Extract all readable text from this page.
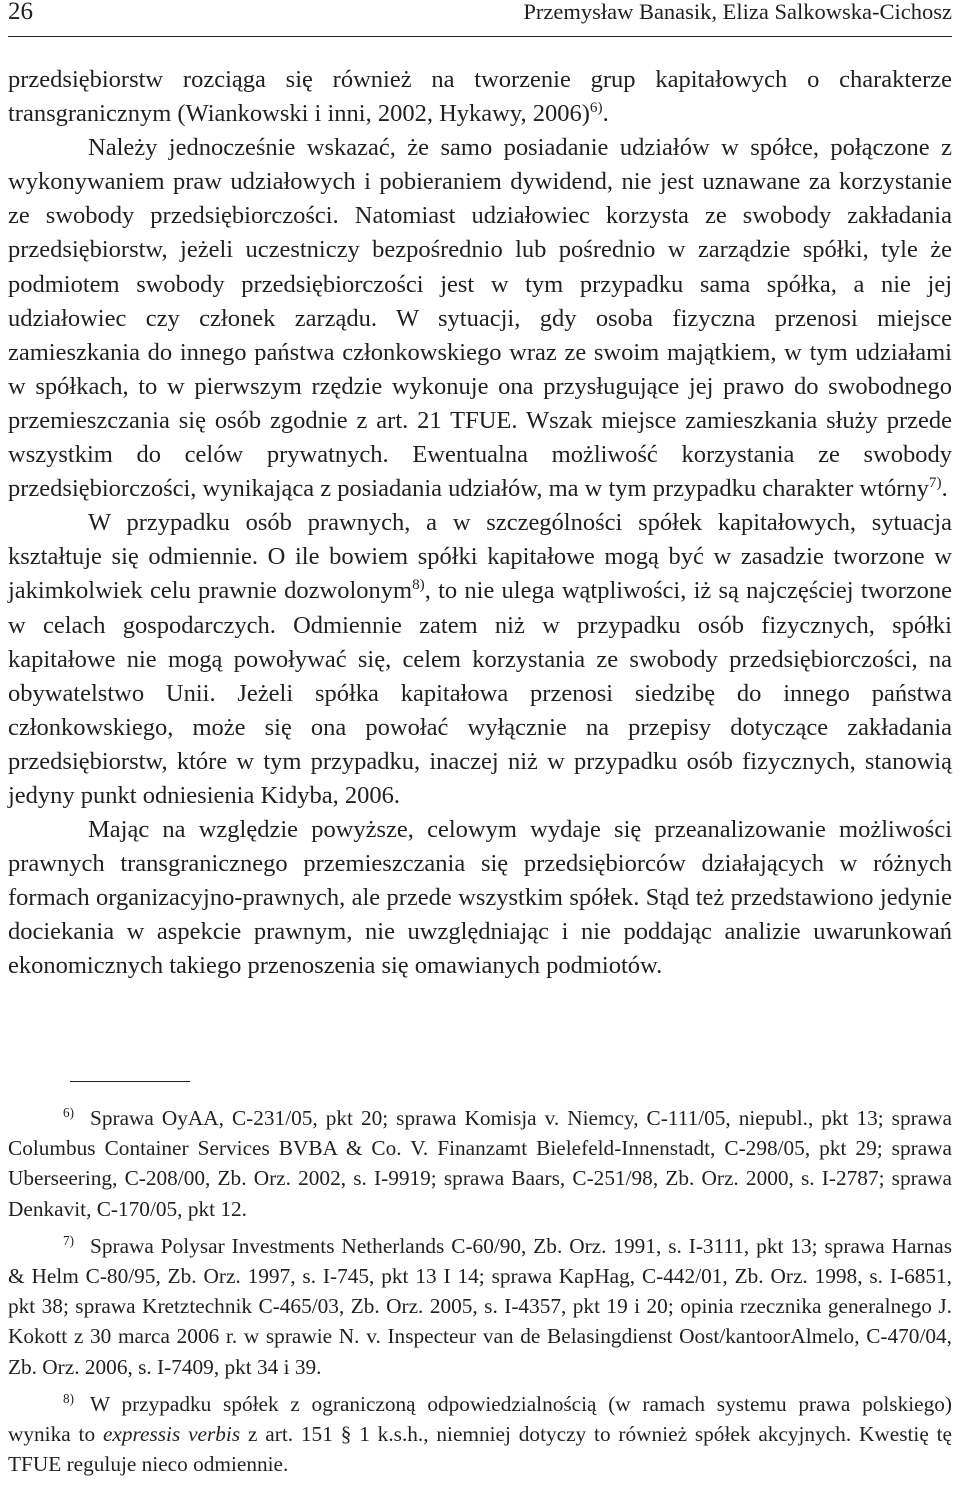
26	Przemysław Banasik, Eliza Salkowska-Cichosz

przedsiębiorstw rozciąga się również na tworzenie grup kapitałowych o charakterze transgranicznym (Wiankowski i inni, 2002, Hykawy, 2006)$^{6)}$.

Należy jednocześnie wskazać, że samo posiadanie udziałów w spółce, połączone z wykonywaniem praw udziałowych i pobieraniem dywidend, nie jest uznawane za korzystanie ze swobody przedsiębiorczości. Natomiast udziałowiec korzysta ze swobody zakładania przedsiębiorstw, jeżeli uczestniczy bezpośrednio lub pośrednio w zarządzie spółki, tyle że podmiotem swobody przedsiębiorczości jest w tym przypadku sama spółka, a nie jej udziałowiec czy członek zarządu. W sytuacji, gdy osoba fizyczna przenosi miejsce zamieszkania do innego państwa członkowskiego wraz ze swoim majątkiem, w tym udziałami w spółkach, to w pierwszym rzędzie wykonuje ona przysługujące jej prawo do swobodnego przemieszczania się osób zgodnie z art. 21 TFUE. Wszak miejsce zamieszkania służy przede wszystkim do celów prywatnych. Ewentualna możliwość korzystania ze swobody przedsiębiorczości, wynikająca z posiadania udziałów, ma w tym przypadku charakter wtórny$^{7)}$.

W przypadku osób prawnych, a w szczególności spółek kapitałowych, sytuacja kształtuje się odmiennie. O ile bowiem spółki kapitałowe mogą być w zasadzie tworzone w jakimkolwiek celu prawnie dozwolonym$^{8)}$, to nie ulega wątpliwości, iż są najczęściej tworzone w celach gospodarczych. Odmiennie zatem niż w przypadku osób fizycznych, spółki kapitałowe nie mogą powoływać się, celem korzystania ze swobody przedsiębiorczości, na obywatelstwo Unii. Jeżeli spółka kapitałowa przenosi siedzibę do innego państwa członkowskiego, może się ona powołać wyłącznie na przepisy dotyczące zakładania przedsiębiorstw, które w tym przypadku, inaczej niż w przypadku osób fizycznych, stanowią jedyny punkt odniesienia Kidyba, 2006.

Mając na względzie powyższe, celowym wydaje się przeanalizowanie możliwości prawnych transgranicznego przemieszczania się przedsiębiorców działających w różnych formach organizacyjno-prawnych, ale przede wszystkim spółek. Stąd też przedstawiono jedynie dociekania w aspekcie prawnym, nie uwzględniając i nie poddając analizie uwarunkowań ekonomicznych takiego przenoszenia się omawianych podmiotów.

$^{6)}$ Sprawa OyAA, C-231/05, pkt 20; sprawa Komisja v. Niemcy, C-111/05, niepubl., pkt 13; sprawa Columbus Container Services BVBA & Co. V. Finanzamt Bielefeld-Innenstadt, C-298/05, pkt 29; sprawa Uberseering, C-208/00, Zb. Orz. 2002, s. I-9919; sprawa Baars, C-251/98, Zb. Orz. 2000, s. I-2787; sprawa Denkavit, C-170/05, pkt 12.

$^{7)}$ Sprawa Polysar Investments Netherlands C-60/90, Zb. Orz. 1991, s. I-3111, pkt 13; sprawa Harnas & Helm C-80/95, Zb. Orz. 1997, s. I-745, pkt 13 I 14; sprawa KapHag, C-442/01, Zb. Orz. 1998, s. I-6851, pkt 38; sprawa Kretztechnik C-465/03, Zb. Orz. 2005, s. I-4357, pkt 19 i 20; opinia rzecznika generalnego J. Kokott z 30 marca 2006 r. w sprawie N. v. Inspecteur van de Belasingdienst Oost/kantoorAlmelo, C-470/04, Zb. Orz. 2006, s. I-7409, pkt 34 i 39.

$^{8)}$ W przypadku spółek z ograniczoną odpowiedzialnością (w ramach systemu prawa polskiego) wynika to expressis verbis z art. 151 § 1 k.s.h., niemniej dotyczy to również spółek akcyjnych. Kwestię tę TFUE reguluje nieco odmiennie.
